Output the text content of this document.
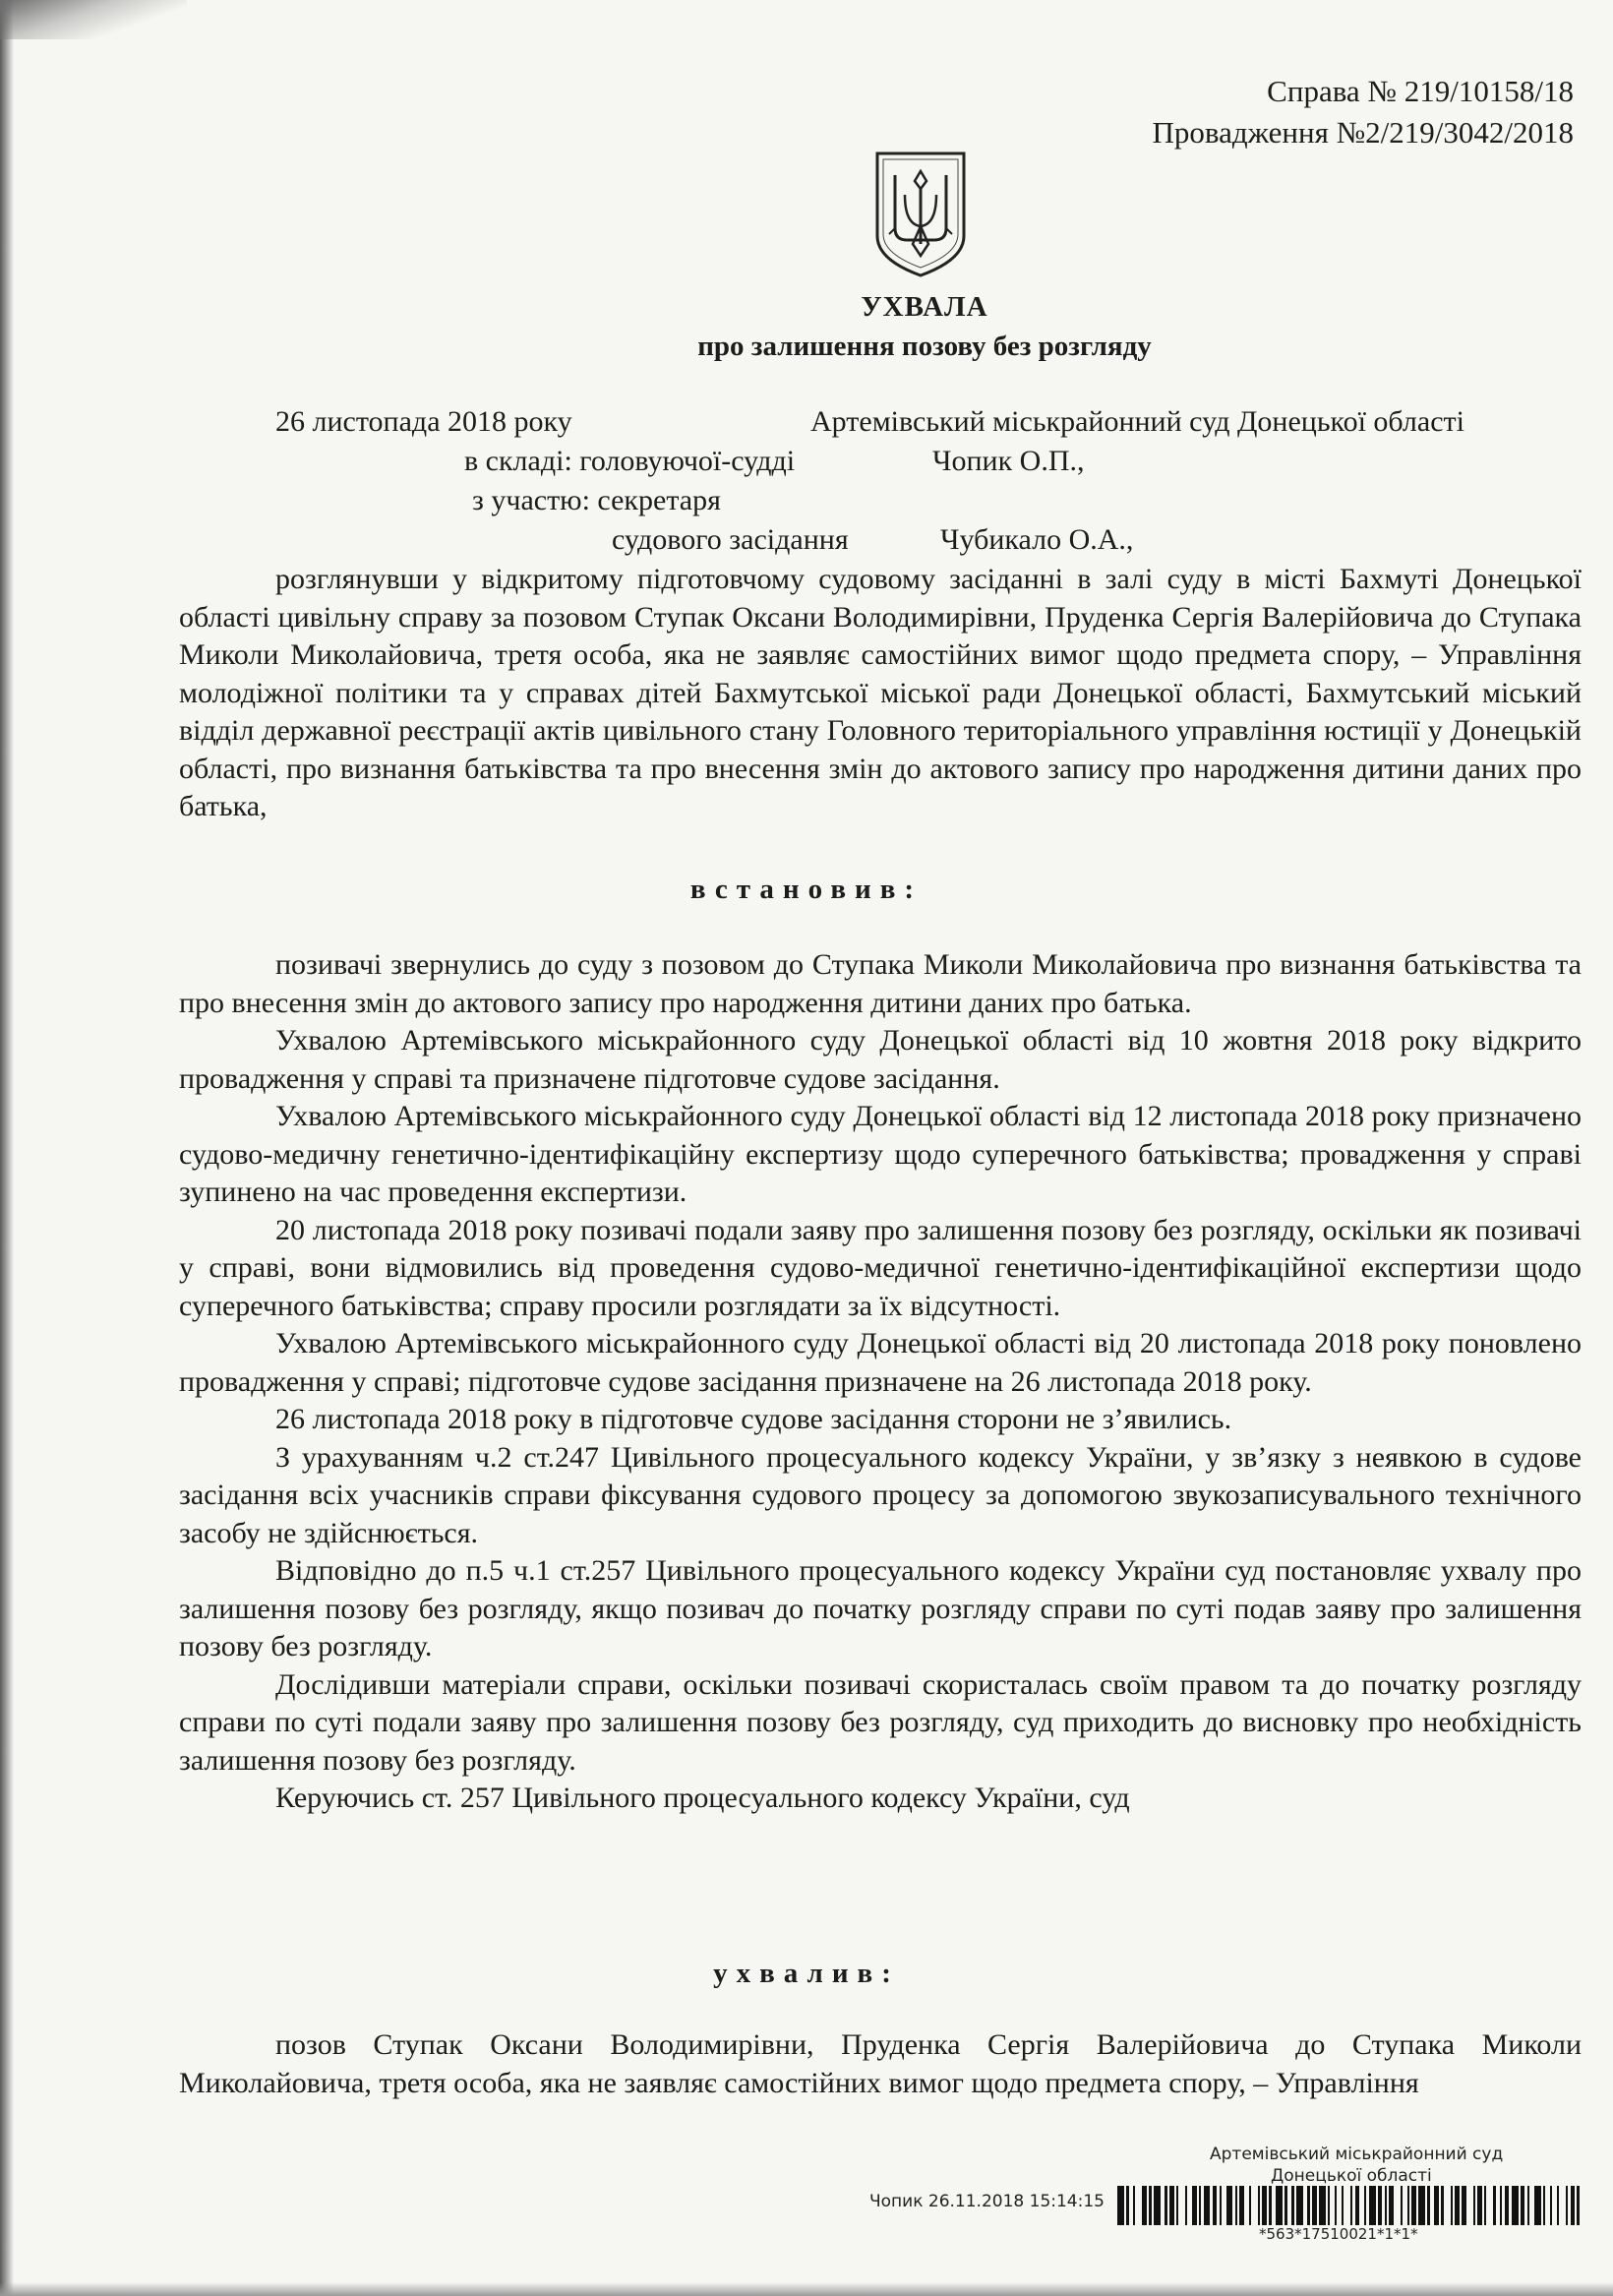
Справа № 219/10158/18
Провадження №2/219/3042/2018
УХВАЛА
про залишення позову без розгляду
26 листопада 2018 року	Артемівський міськрайонний суд Донецької області
в складі: головуючої-судді	Чопик О.П.,
з участю: секретаря
судового засідання	Чубикало О.А.,

розглянувши у відкритому підготовчому судовому засіданні в залі суду в місті Бахмуті Донецької області цивільну справу за позовом Ступак Оксани Володимирівни, Пруденка Сергія Валерійовича до Ступака Миколи Миколайовича, третя особа, яка не заявляє самостійних вимог щодо предмета спору, – Управління молодіжної політики та у справах дітей Бахмутської міської ради Донецької області, Бахмутський міський відділ державної реєстрації актів цивільного стану Головного територіального управління юстиції у Донецькій області, про визнання батьківства та про внесення змін до актового запису про народження дитини даних про батька,

встановив:

позивачі звернулись до суду з позовом до Ступака Миколи Миколайовича про визнання батьківства та про внесення змін до актового запису про народження дитини даних про батька.

Ухвалою Артемівського міськрайонного суду Донецької області від 10 жовтня 2018 року відкрито провадження у справі та призначене підготовче судове засідання.

Ухвалою Артемівського міськрайонного суду Донецької області від 12 листопада 2018 року призначено судово-медичну генетично-ідентифікаційну експертизу щодо суперечного батьківства; провадження у справі зупинено на час проведення експертизи.

20 листопада 2018 року позивачі подали заяву про залишення позову без розгляду, оскільки як позивачі у справі, вони відмовились від проведення судово-медичної генетично-ідентифікаційної експертизи щодо суперечного батьківства; справу просили розглядати за їх відсутності.

Ухвалою Артемівського міськрайонного суду Донецької області від 20 листопада 2018 року поновлено провадження у справі; підготовче судове засідання призначене на 26 листопада 2018 року.

26 листопада 2018 року в підготовче судове засідання сторони не з’явились.

З урахуванням ч.2 ст.247 Цивільного процесуального кодексу України, у зв’язку з неявкою в судове засідання всіх учасників справи фіксування судового процесу за допомогою звукозаписувального технічного засобу не здійснюється.

Відповідно до п.5 ч.1 ст.257 Цивільного процесуального кодексу України суд постановляє ухвалу про залишення позову без розгляду, якщо позивач до початку розгляду справи по суті подав заяву про залишення позову без розгляду.

Дослідивши матеріали справи, оскільки позивачі скористалась своїм правом та до початку розгляду справи по суті подали заяву про залишення позову без розгляду, суд приходить до висновку про необхідність залишення позову без розгляду.

Керуючись ст. 257 Цивільного процесуального кодексу України, суд

ухвалив:

позов Ступак Оксани Володимирівни, Пруденка Сергія Валерійовича до Ступака Миколи Миколайовича, третя особа, яка не заявляє самостійних вимог щодо предмета спору, – Управління

Артемівський міськрайонний суд
Донецької області
Чопик 26.11.2018 15:14:15
*563*17510021*1*1*
